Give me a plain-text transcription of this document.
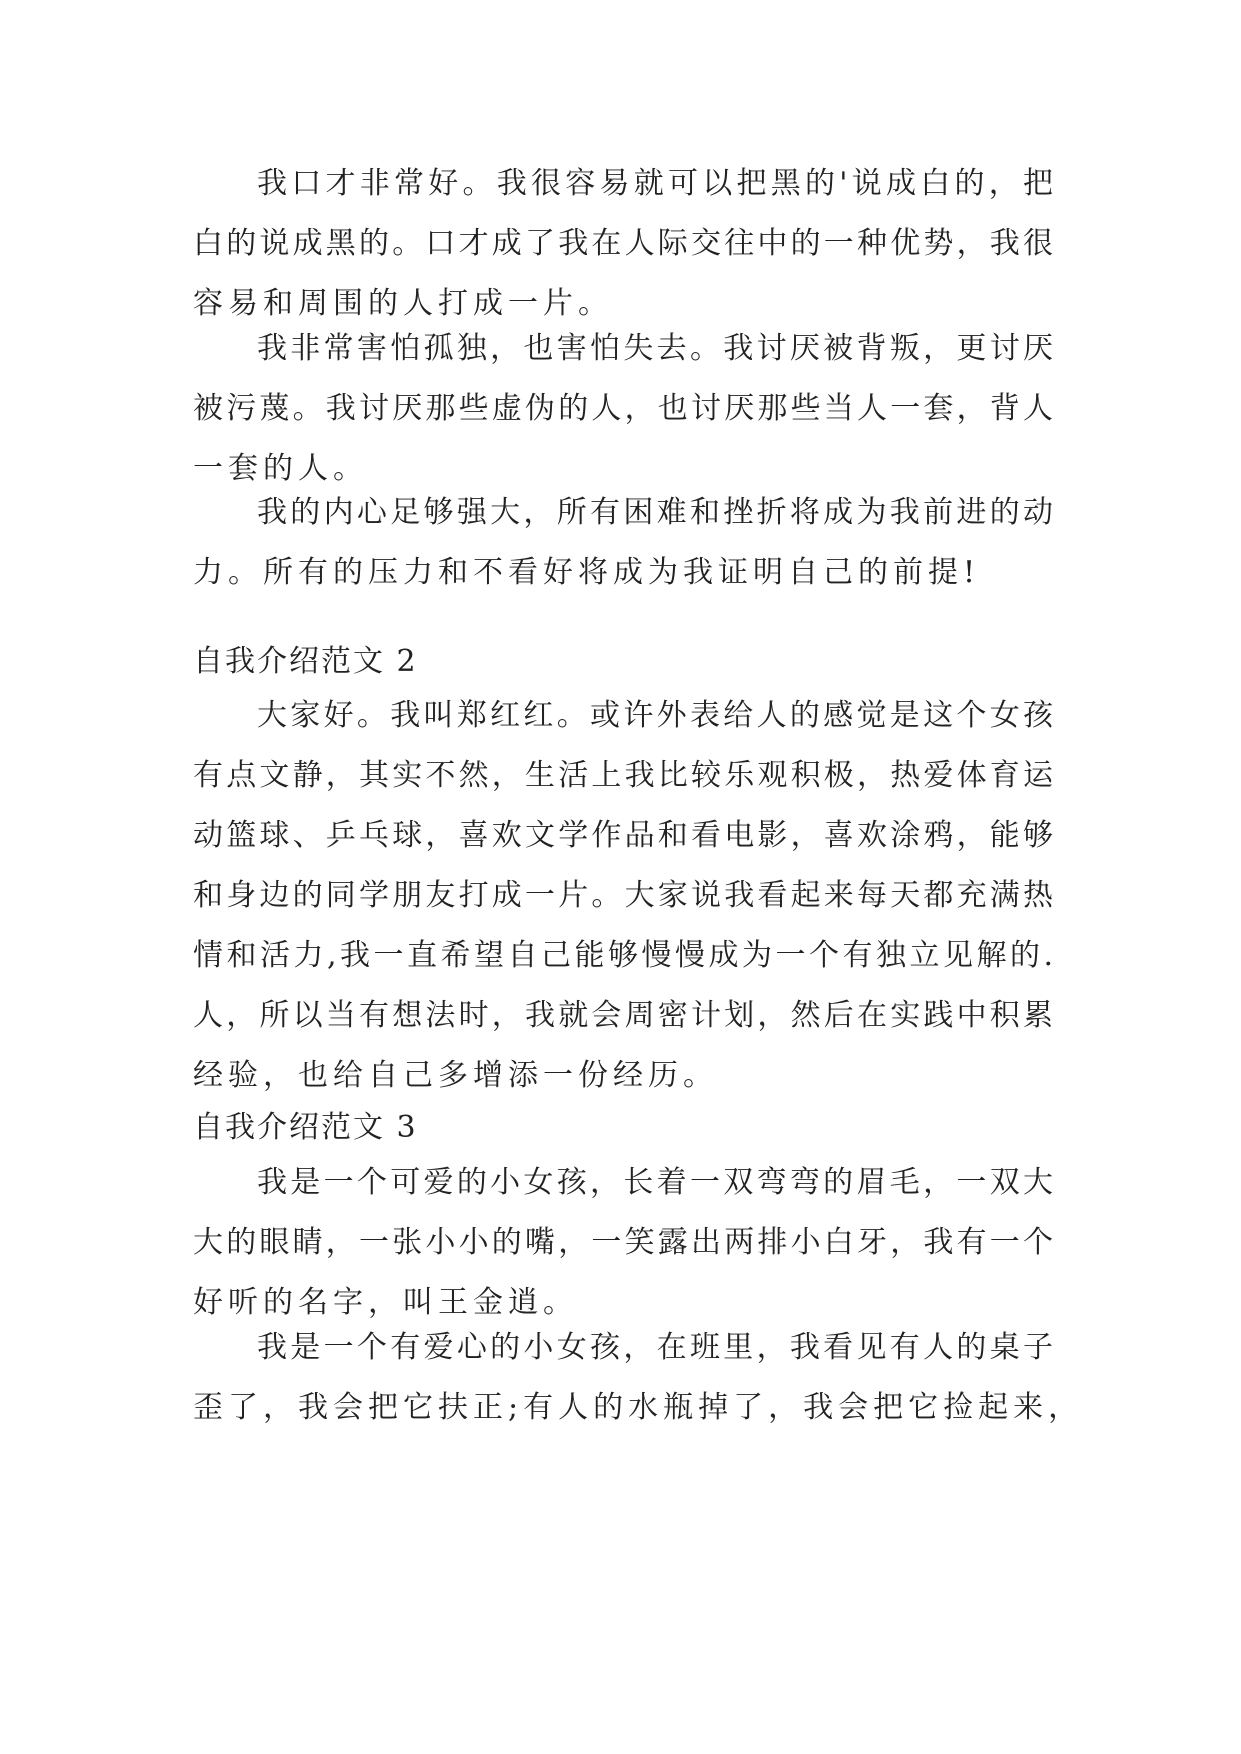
我口才非常好。我很容易就可以把黑的'说成白的，把
白的说成黑的。口才成了我在人际交往中的一种优势，我很
容易和周围的人打成一片。
我非常害怕孤独，也害怕失去。我讨厌被背叛，更讨厌
被污蔑。我讨厌那些虚伪的人，也讨厌那些当人一套，背人
一套的人。
我的内心足够强大，所有困难和挫折将成为我前进的动
力。所有的压力和不看好将成为我证明自己的前提!
自我介绍范文 2
大家好。我叫郑红红。或许外表给人的感觉是这个女孩
有点文静，其实不然，生活上我比较乐观积极，热爱体育运
动篮球、乒乓球，喜欢文学作品和看电影，喜欢涂鸦，能够
和身边的同学朋友打成一片。大家说我看起来每天都充满热
情和活力,我一直希望自己能够慢慢成为一个有独立见解的.
人，所以当有想法时，我就会周密计划，然后在实践中积累
经验，也给自己多增添一份经历。
自我介绍范文 3
我是一个可爱的小女孩，长着一双弯弯的眉毛，一双大
大的眼睛，一张小小的嘴，一笑露出两排小白牙，我有一个
好听的名字，叫王金逍。
我是一个有爱心的小女孩，在班里，我看见有人的桌子
歪了，我会把它扶正;有人的水瓶掉了，我会把它捡起来，
